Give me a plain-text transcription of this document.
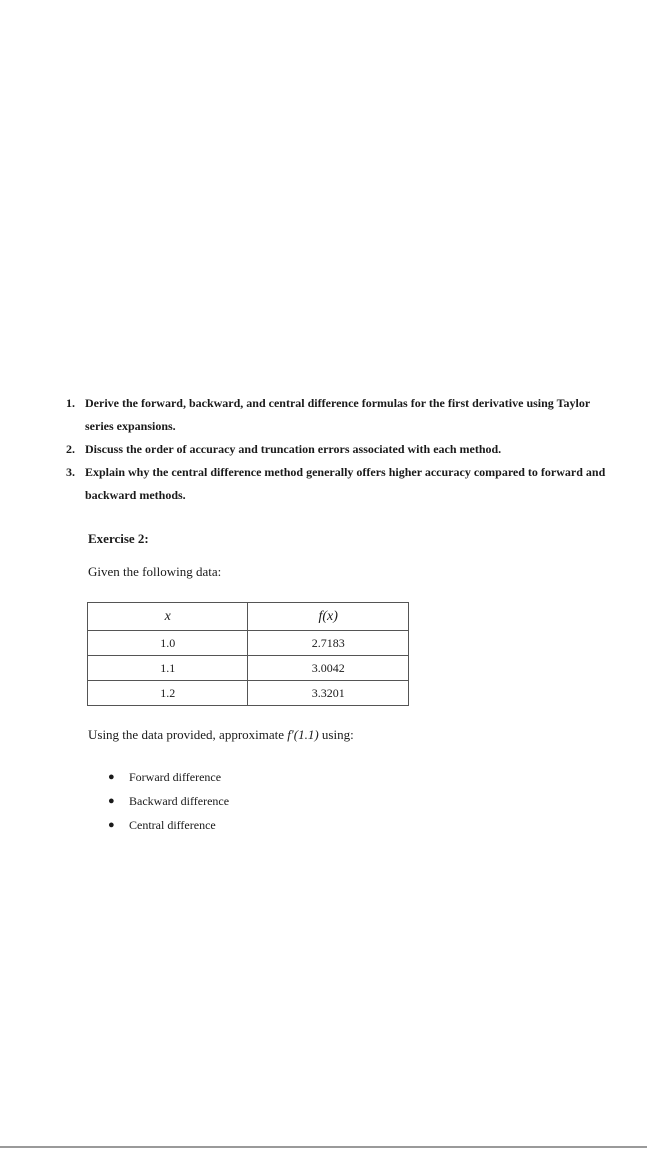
1. Derive the forward, backward, and central difference formulas for the first derivative using Taylor series expansions.
2. Discuss the order of accuracy and truncation errors associated with each method.
3. Explain why the central difference method generally offers higher accuracy compared to forward and backward methods.
Exercise 2:
Given the following data:
x	f(x)
1.0	2.7183
1.1	3.0042
1.2	3.3201
Using the data provided, approximate f′(1.1) using:
●	Forward difference
●	Backward difference
●	Central difference
